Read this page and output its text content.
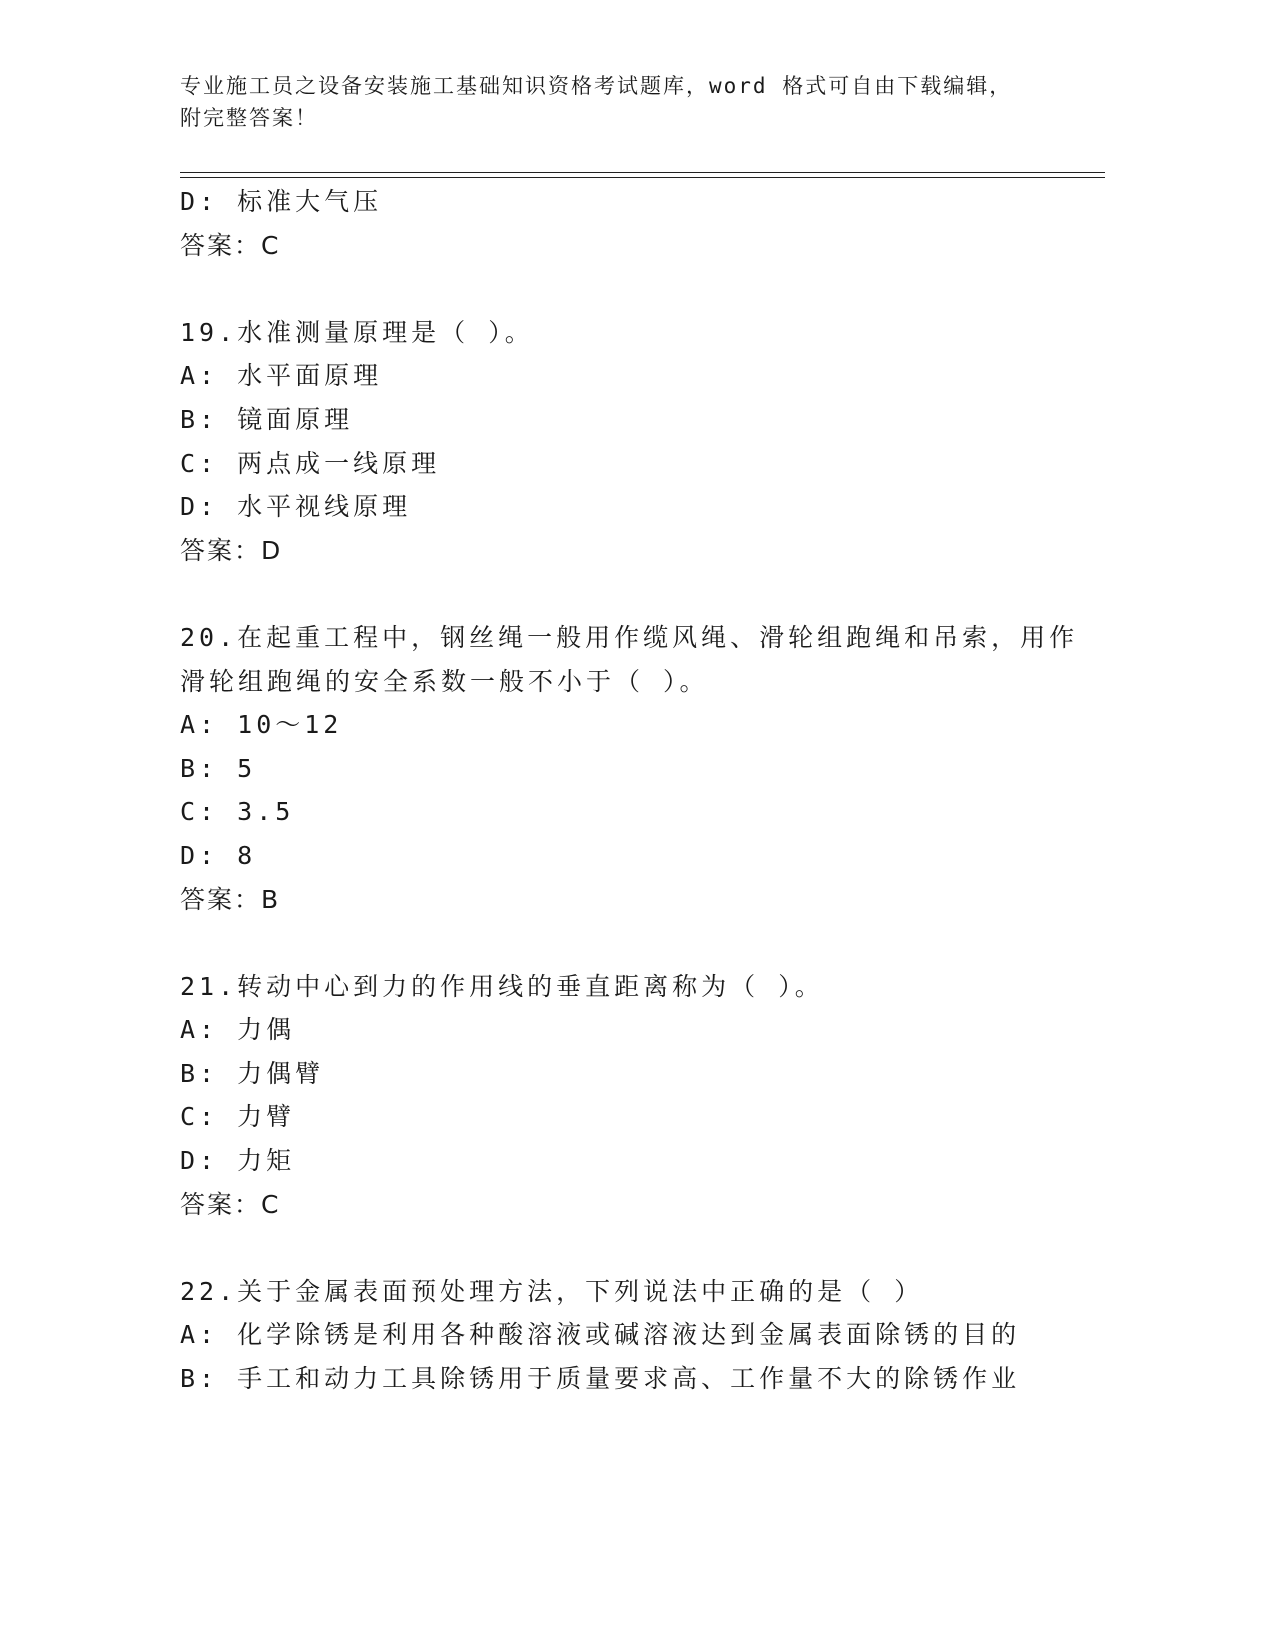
专业施工员之设备安装施工基础知识资格考试题库，word 格式可自由下载编辑，
附完整答案！
D: 标准大气压
答案：C
19.水准测量原理是（ ）。
A: 水平面原理
B: 镜面原理
C: 两点成一线原理
D: 水平视线原理
答案：D
20.在起重工程中，钢丝绳一般用作缆风绳、滑轮组跑绳和吊索，用作
滑轮组跑绳的安全系数一般不小于（ ）。
A: 10～12
B: 5
C: 3.5
D: 8
答案：B
21.转动中心到力的作用线的垂直距离称为（ ）。
A: 力偶
B: 力偶臂
C: 力臂
D: 力矩
答案：C
22.关于金属表面预处理方法，下列说法中正确的是（ ）
A: 化学除锈是利用各种酸溶液或碱溶液达到金属表面除锈的目的
B: 手工和动力工具除锈用于质量要求高、工作量不大的除锈作业
